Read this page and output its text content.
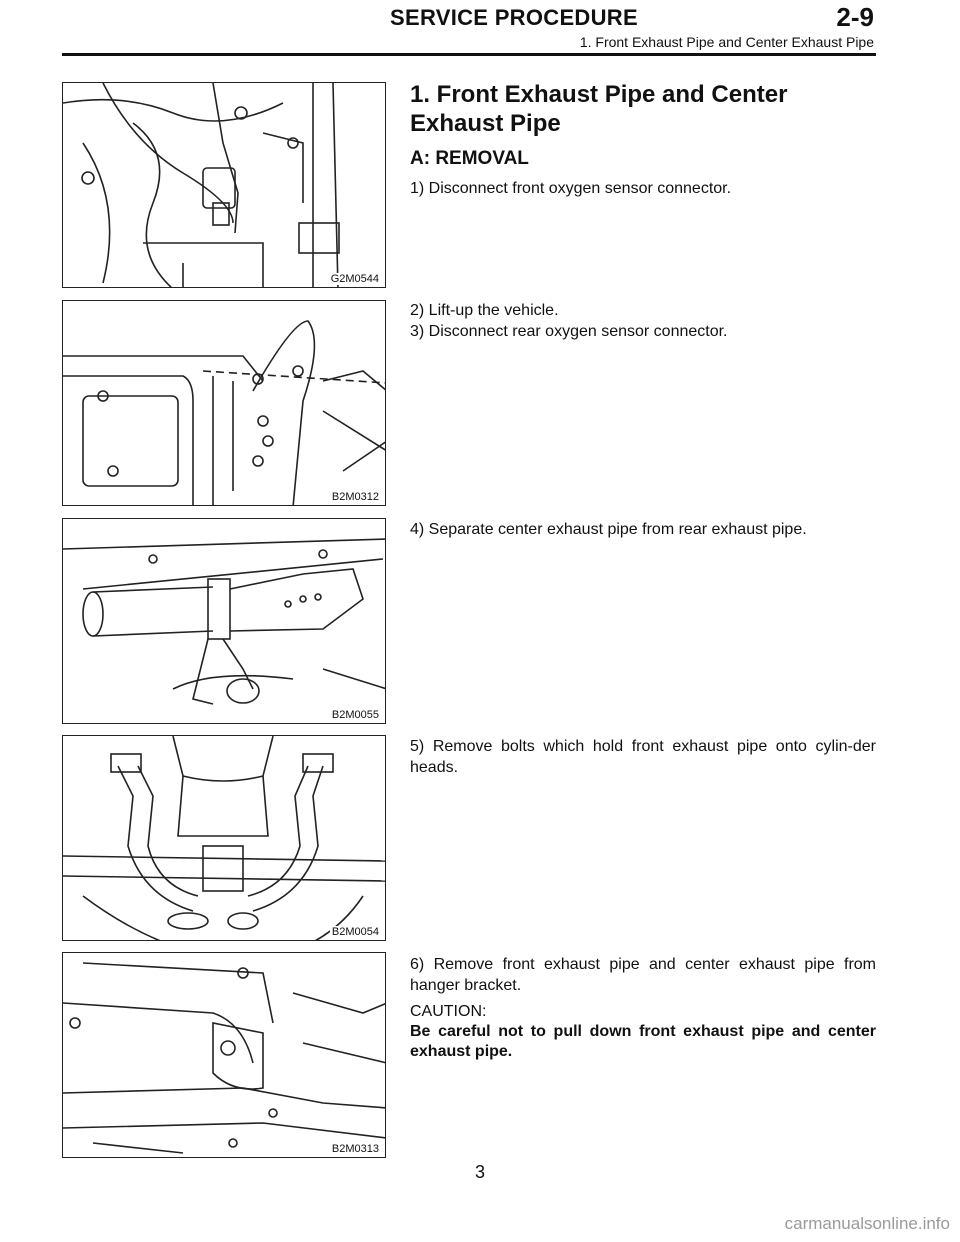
SERVICE PROCEDURE	2-9
1. Front Exhaust Pipe and Center Exhaust Pipe
G2M0544
B2M0312
B2M0055
B2M0054
B2M0313
1. Front Exhaust Pipe and Center Exhaust Pipe
A: REMOVAL

1) Disconnect front oxygen sensor connector.

2) Lift-up the vehicle.

3) Disconnect rear oxygen sensor connector.

4) Separate center exhaust pipe from rear exhaust pipe.

5) Remove bolts which hold front exhaust pipe onto cylin-der heads.

6) Remove front exhaust pipe and center exhaust pipe from hanger bracket.

CAUTION:

Be careful not to pull down front exhaust pipe and center exhaust pipe.

3
carmanualsonline.info
